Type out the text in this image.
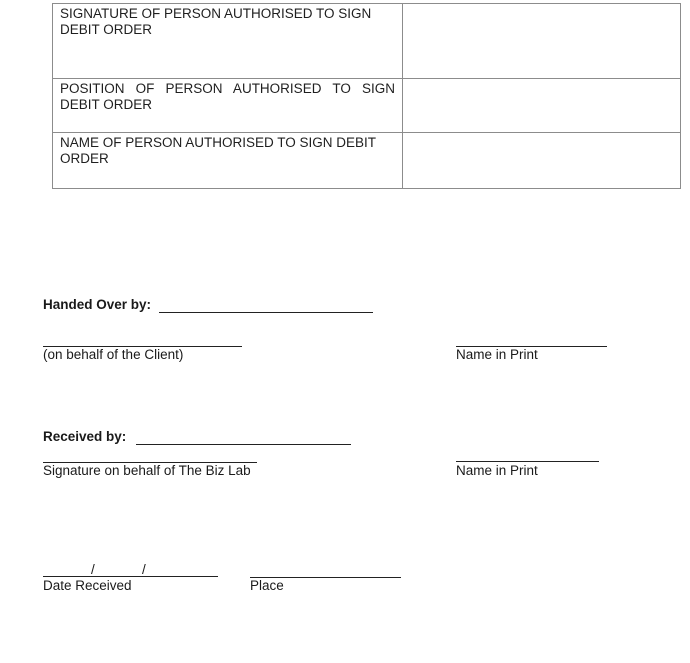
SIGNATURE OF PERSON AUTHORISED TO SIGN DEBIT ORDER	
POSITION OF PERSON AUTHORISED TO SIGN DEBIT ORDER	
NAME OF PERSON AUTHORISED TO SIGN DEBIT ORDER	
Handed Over by:
(on behalf of the Client)	Name in Print
Received by:
Signature on behalf of The Biz Lab	Name in Print
/	/
Date Received	Place
